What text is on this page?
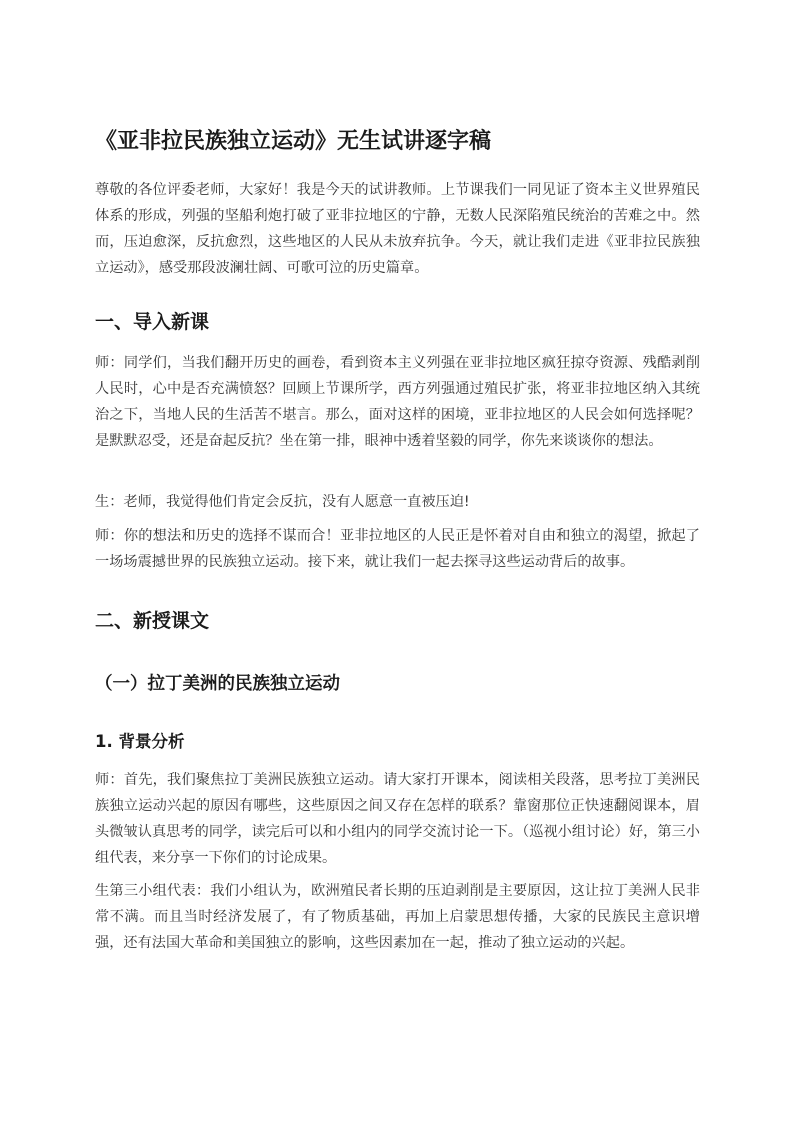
《亚非拉民族独立运动》无生试讲逐字稿

尊敬的各位评委老师，大家好！我是今天的试讲教师。上节课我们一同见证了资本主义世界殖民体系的形成，列强的坚船利炮打破了亚非拉地区的宁静，无数人民深陷殖民统治的苦难之中。然而，压迫愈深，反抗愈烈，这些地区的人民从未放弃抗争。今天，就让我们走进《亚非拉民族独立运动》，感受那段波澜壮阔、可歌可泣的历史篇章。

一、导入新课

师：同学们，当我们翻开历史的画卷，看到资本主义列强在亚非拉地区疯狂掠夺资源、残酷剥削人民时，心中是否充满愤怒？回顾上节课所学，西方列强通过殖民扩张，将亚非拉地区纳入其统治之下，当地人民的生活苦不堪言。那么，面对这样的困境，亚非拉地区的人民会如何选择呢？是默默忍受，还是奋起反抗？坐在第一排，眼神中透着坚毅的同学，你先来谈谈你的想法。

生：老师，我觉得他们肯定会反抗，没有人愿意一直被压迫!

师：你的想法和历史的选择不谋而合！亚非拉地区的人民正是怀着对自由和独立的渴望，掀起了一场场震撼世界的民族独立运动。接下来，就让我们一起去探寻这些运动背后的故事。

二、新授课文
（一）拉丁美洲的民族独立运动
1. 背景分析

师：首先，我们聚焦拉丁美洲民族独立运动。请大家打开课本，阅读相关段落，思考拉丁美洲民族独立运动兴起的原因有哪些，这些原因之间又存在怎样的联系？靠窗那位正快速翻阅课本，眉头微皱认真思考的同学，读完后可以和小组内的同学交流讨论一下。（巡视小组讨论）好，第三小组代表，来分享一下你们的讨论成果。

生第三小组代表：我们小组认为，欧洲殖民者长期的压迫剥削是主要原因，这让拉丁美洲人民非常不满。而且当时经济发展了，有了物质基础，再加上启蒙思想传播，大家的民族民主意识增强，还有法国大革命和美国独立的影响，这些因素加在一起，推动了独立运动的兴起。
